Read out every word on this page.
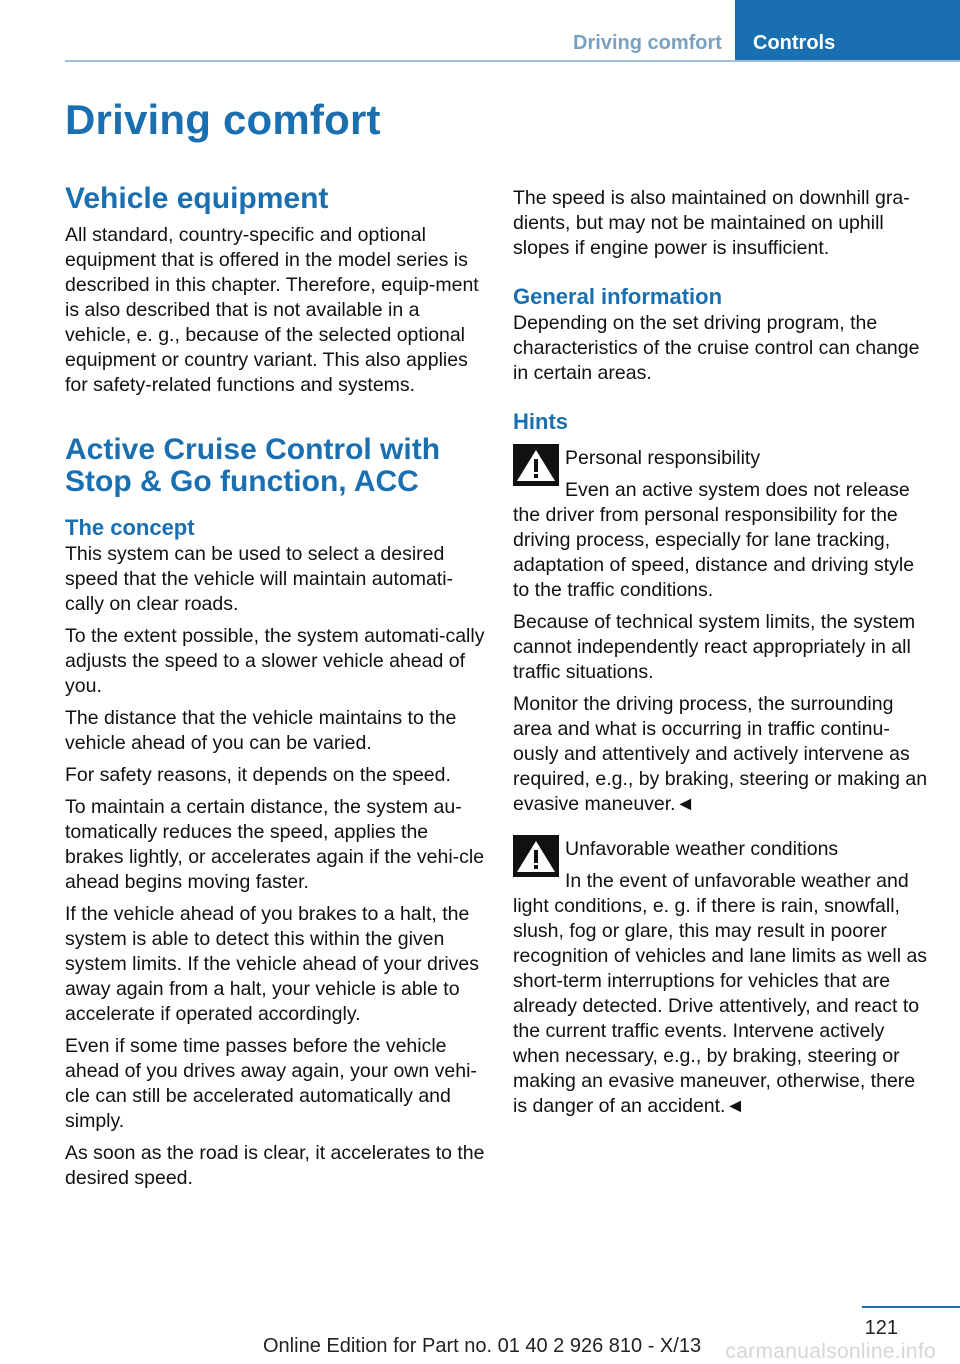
Driving comfort	Controls
Driving comfort
Vehicle equipment

All standard, country-specific and optional equipment that is offered in the model series is described in this chapter. Therefore, equip-ment is also described that is not available in a vehicle, e. g., because of the selected optional equipment or country variant. This also applies for safety-related functions and systems.

Active Cruise Control with Stop & Go function, ACC
The concept

This system can be used to select a desired speed that the vehicle will maintain automati-cally on clear roads.

To the extent possible, the system automati-cally adjusts the speed to a slower vehicle ahead of you.

The distance that the vehicle maintains to the vehicle ahead of you can be varied.

For safety reasons, it depends on the speed.

To maintain a certain distance, the system au-tomatically reduces the speed, applies the brakes lightly, or accelerates again if the vehi-cle ahead begins moving faster.

If the vehicle ahead of you brakes to a halt, the system is able to detect this within the given system limits. If the vehicle ahead of your drives away again from a halt, your vehicle is able to accelerate if operated accordingly.

Even if some time passes before the vehicle ahead of you drives away again, your own vehi-cle can still be accelerated automatically and simply.

As soon as the road is clear, it accelerates to the desired speed.

The speed is also maintained on downhill gra-dients, but may not be maintained on uphill slopes if engine power is insufficient.

General information

Depending on the set driving program, the characteristics of the cruise control can change in certain areas.

Hints

Personal responsibility

Even an active system does not release the driver from personal responsibility for the driving process, especially for lane tracking, adaptation of speed, distance and driving style to the traffic conditions.

Because of technical system limits, the system cannot independently react appropriately in all traffic situations.

Monitor the driving process, the surrounding area and what is occurring in traffic continu-ously and attentively and actively intervene as required, e.g., by braking, steering or making an evasive maneuver.◄

Unfavorable weather conditions

In the event of unfavorable weather and light conditions, e. g. if there is rain, snowfall, slush, fog or glare, this may result in poorer recognition of vehicles and lane limits as well as short-term interruptions for vehicles that are already detected. Drive attentively, and react to the current traffic events. Intervene actively when necessary, e.g., by braking, steering or making an evasive maneuver, otherwise, there is danger of an accident.◄

121
Online Edition for Part no. 01 40 2 926 810 - X/13 carmanualsonline.info
